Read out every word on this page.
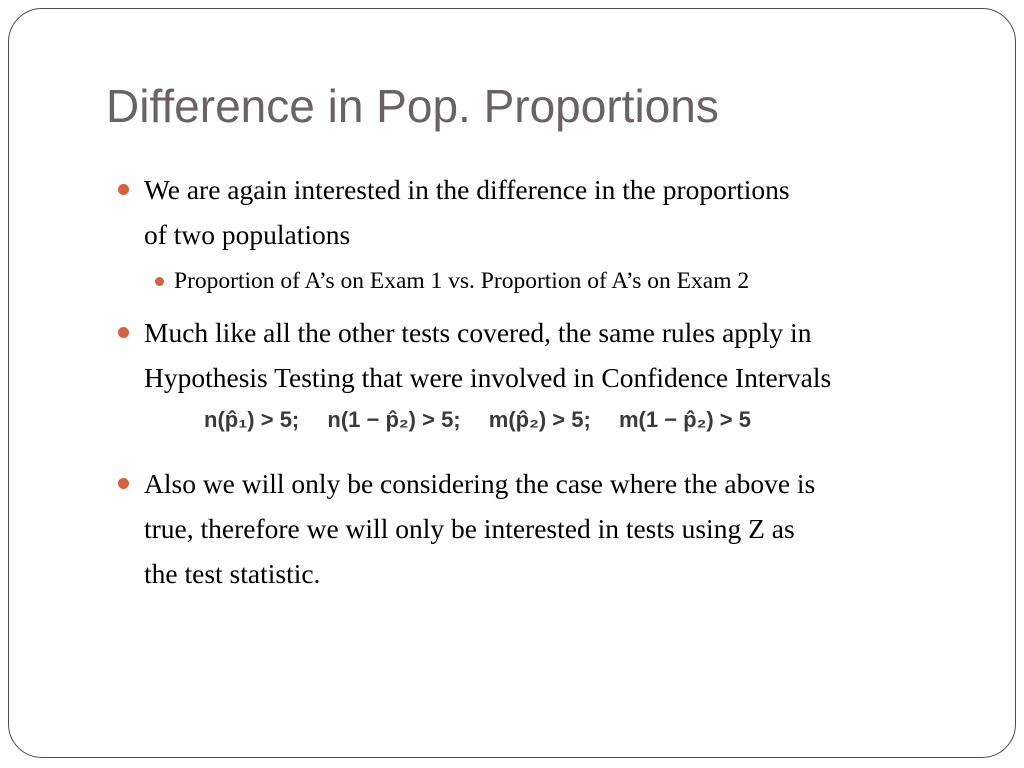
Difference in Pop. Proportions
We are again interested in the difference in the proportions
of two populations
Proportion of A’s on Exam 1 vs. Proportion of A’s on Exam 2
Much like all the other tests covered, the same rules apply in
Hypothesis Testing that were involved in Confidence Intervals
n(p̂₁) > 5; n(1 − p̂₂) > 5; m(p̂₂) > 5; m(1 − p̂₂) > 5
Also we will only be considering the case where the above is
true, therefore we will only be interested in tests using Z as
the test statistic.
